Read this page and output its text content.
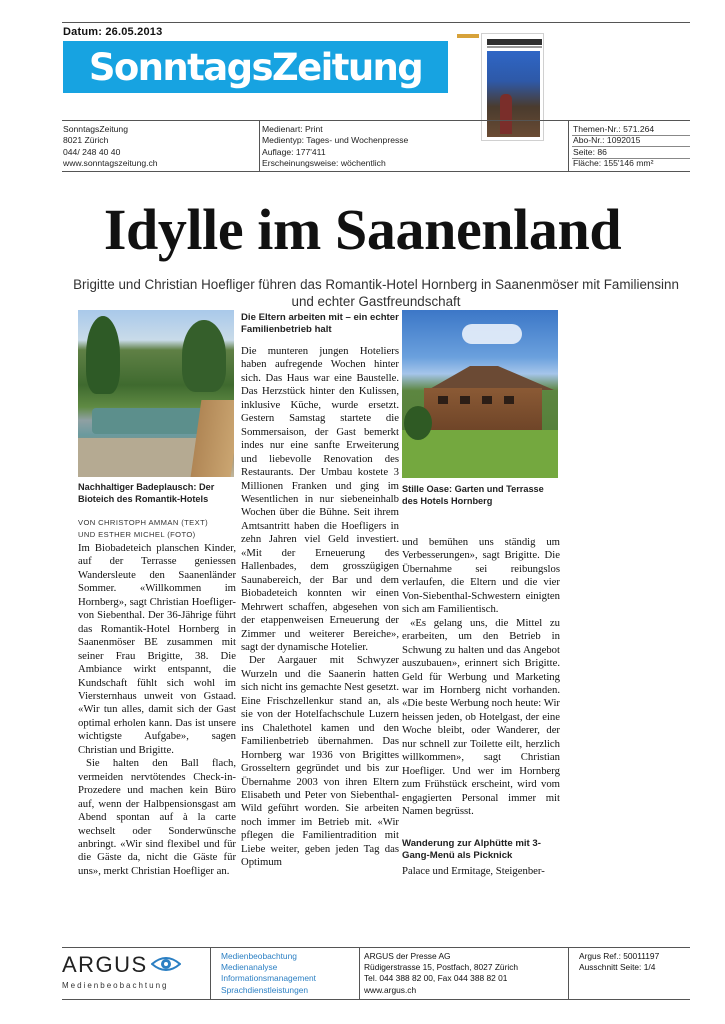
Datum: 26.05.2013
SonntagsZeitung
SonntagsZeitung
8021 Zürich
044/ 248 40 40
www.sonntagszeitung.ch
Medienart: Print
Medientyp: Tages- und Wochenpresse
Auflage: 177'411
Erscheinungsweise: wöchentlich
Themen-Nr.: 571.264
Abo-Nr.: 1092015
Seite: 86
Fläche: 155'146 mm²
Idylle im Saanenland
Brigitte und Christian Hoefliger führen das Romantik-Hotel Hornberg in Saanenmöser mit Familiensinn und echter Gastfreundschaft
Nachhaltiger Badeplausch: Der Bioteich des Romantik-Hotels
Die Eltern arbeiten mit – ein echter Familienbetrieb halt
Stille Oase: Garten und Terrasse des Hotels Hornberg
VON CHRISTOPH AMMAN (TEXT)
UND ESTHER MICHEL (FOTO)

Im Biobadeteich planschen Kinder, auf der Terrasse geniessen Wandersleute den Saanenländer Sommer. «Willkommen im Hornberg», sagt Christian Hoefliger-von Siebenthal. Der 36-Jährige führt das Romantik-Hotel Hornberg in Saanenmöser BE zusammen mit seiner Frau Brigitte, 38. Die Ambiance wirkt entspannt, die Kundschaft fühlt sich wohl im Viersternhaus unweit von Gstaad. «Wir tun alles, damit sich der Gast optimal erholen kann. Das ist unsere wichtigste Aufgabe», sagen Christian und Brigitte.

Sie halten den Ball flach, vermeiden nervtötendes Check-in-Prozedere und machen kein Büro auf, wenn der Halbpensionsgast am Abend spontan auf à la carte wechselt oder Sonderwünsche anbringt. «Wir sind flexibel und für die Gäste da, nicht die Gäste für uns», merkt Christian Hoefliger an.

Die munteren jungen Hoteliers haben aufregende Wochen hinter sich. Das Haus war eine Baustelle. Das Herzstück hinter den Kulissen, inklusive Küche, wurde ersetzt. Gestern Samstag startete die Sommersaison, der Gast bemerkt indes nur eine sanfte Erweiterung und liebevolle Renovation des Restaurants. Der Umbau kostete 3 Millionen Franken und ging im Wesentlichen in nur siebeneinhalb Wochen über die Bühne. Seit ihrem Amtsantritt haben die Hoefligers in zehn Jahren viel Geld investiert. «Mit der Erneuerung des Hallenbades, dem grosszügigen Saunabereich, der Bar und dem Biobadeteich konnten wir einen Mehrwert schaffen, abgesehen von der etappenweisen Erneuerung der Zimmer und weiterer Bereiche», sagt der dynamische Hotelier.

Der Aargauer mit Schwyzer Wurzeln und die Saanerin hatten sich nicht ins gemachte Nest gesetzt. Eine Frischzellenkur stand an, als sie von der Hotelfachschule Luzern ins Chalethotel kamen und den Familienbetrieb übernahmen. Das Hornberg war 1936 von Brigittes Grosseltern gegründet und bis zur Übernahme 2003 von ihren Eltern Elisabeth und Peter von Siebenthal-Wild geführt worden. Sie arbeiten noch immer im Betrieb mit. «Wir pflegen die Familientradition mit Liebe weiter, geben jeden Tag das Optimum

und bemühen uns ständig um Verbesserungen», sagt Brigitte. Die Übernahme sei reibungslos verlaufen, die Eltern und die vier Von-Siebenthal-Schwestern einigten sich am Familientisch.

«Es gelang uns, die Mittel zu erarbeiten, um den Betrieb in Schwung zu halten und das Angebot auszubauen», erinnert sich Brigitte. Geld für Werbung und Marketing war im Hornberg nicht vorhanden. «Die beste Werbung noch heute: Wir heissen jeden, ob Hotelgast, der eine Woche bleibt, oder Wanderer, der nur schnell zur Toilette eilt, herzlich willkommen», sagt Christian Hoefliger. Und wer im Hornberg zum Frühstück erscheint, wird vom engagierten Personal immer mit Namen begrüsst.

Wanderung zur Alphütte mit 3-Gang-Menü als Picknick

Palace und Ermitage, Steigenber-

ARGUS
Medienbeobachtung
Medienbeobachtung
Medienanalyse
Informationsmanagement
Sprachdienstleistungen
ARGUS der Presse AG
Rüdigerstrasse 15, Postfach, 8027 Zürich
Tel. 044 388 82 00, Fax 044 388 82 01
www.argus.ch
Argus Ref.: 50011197
Ausschnitt Seite: 1/4
